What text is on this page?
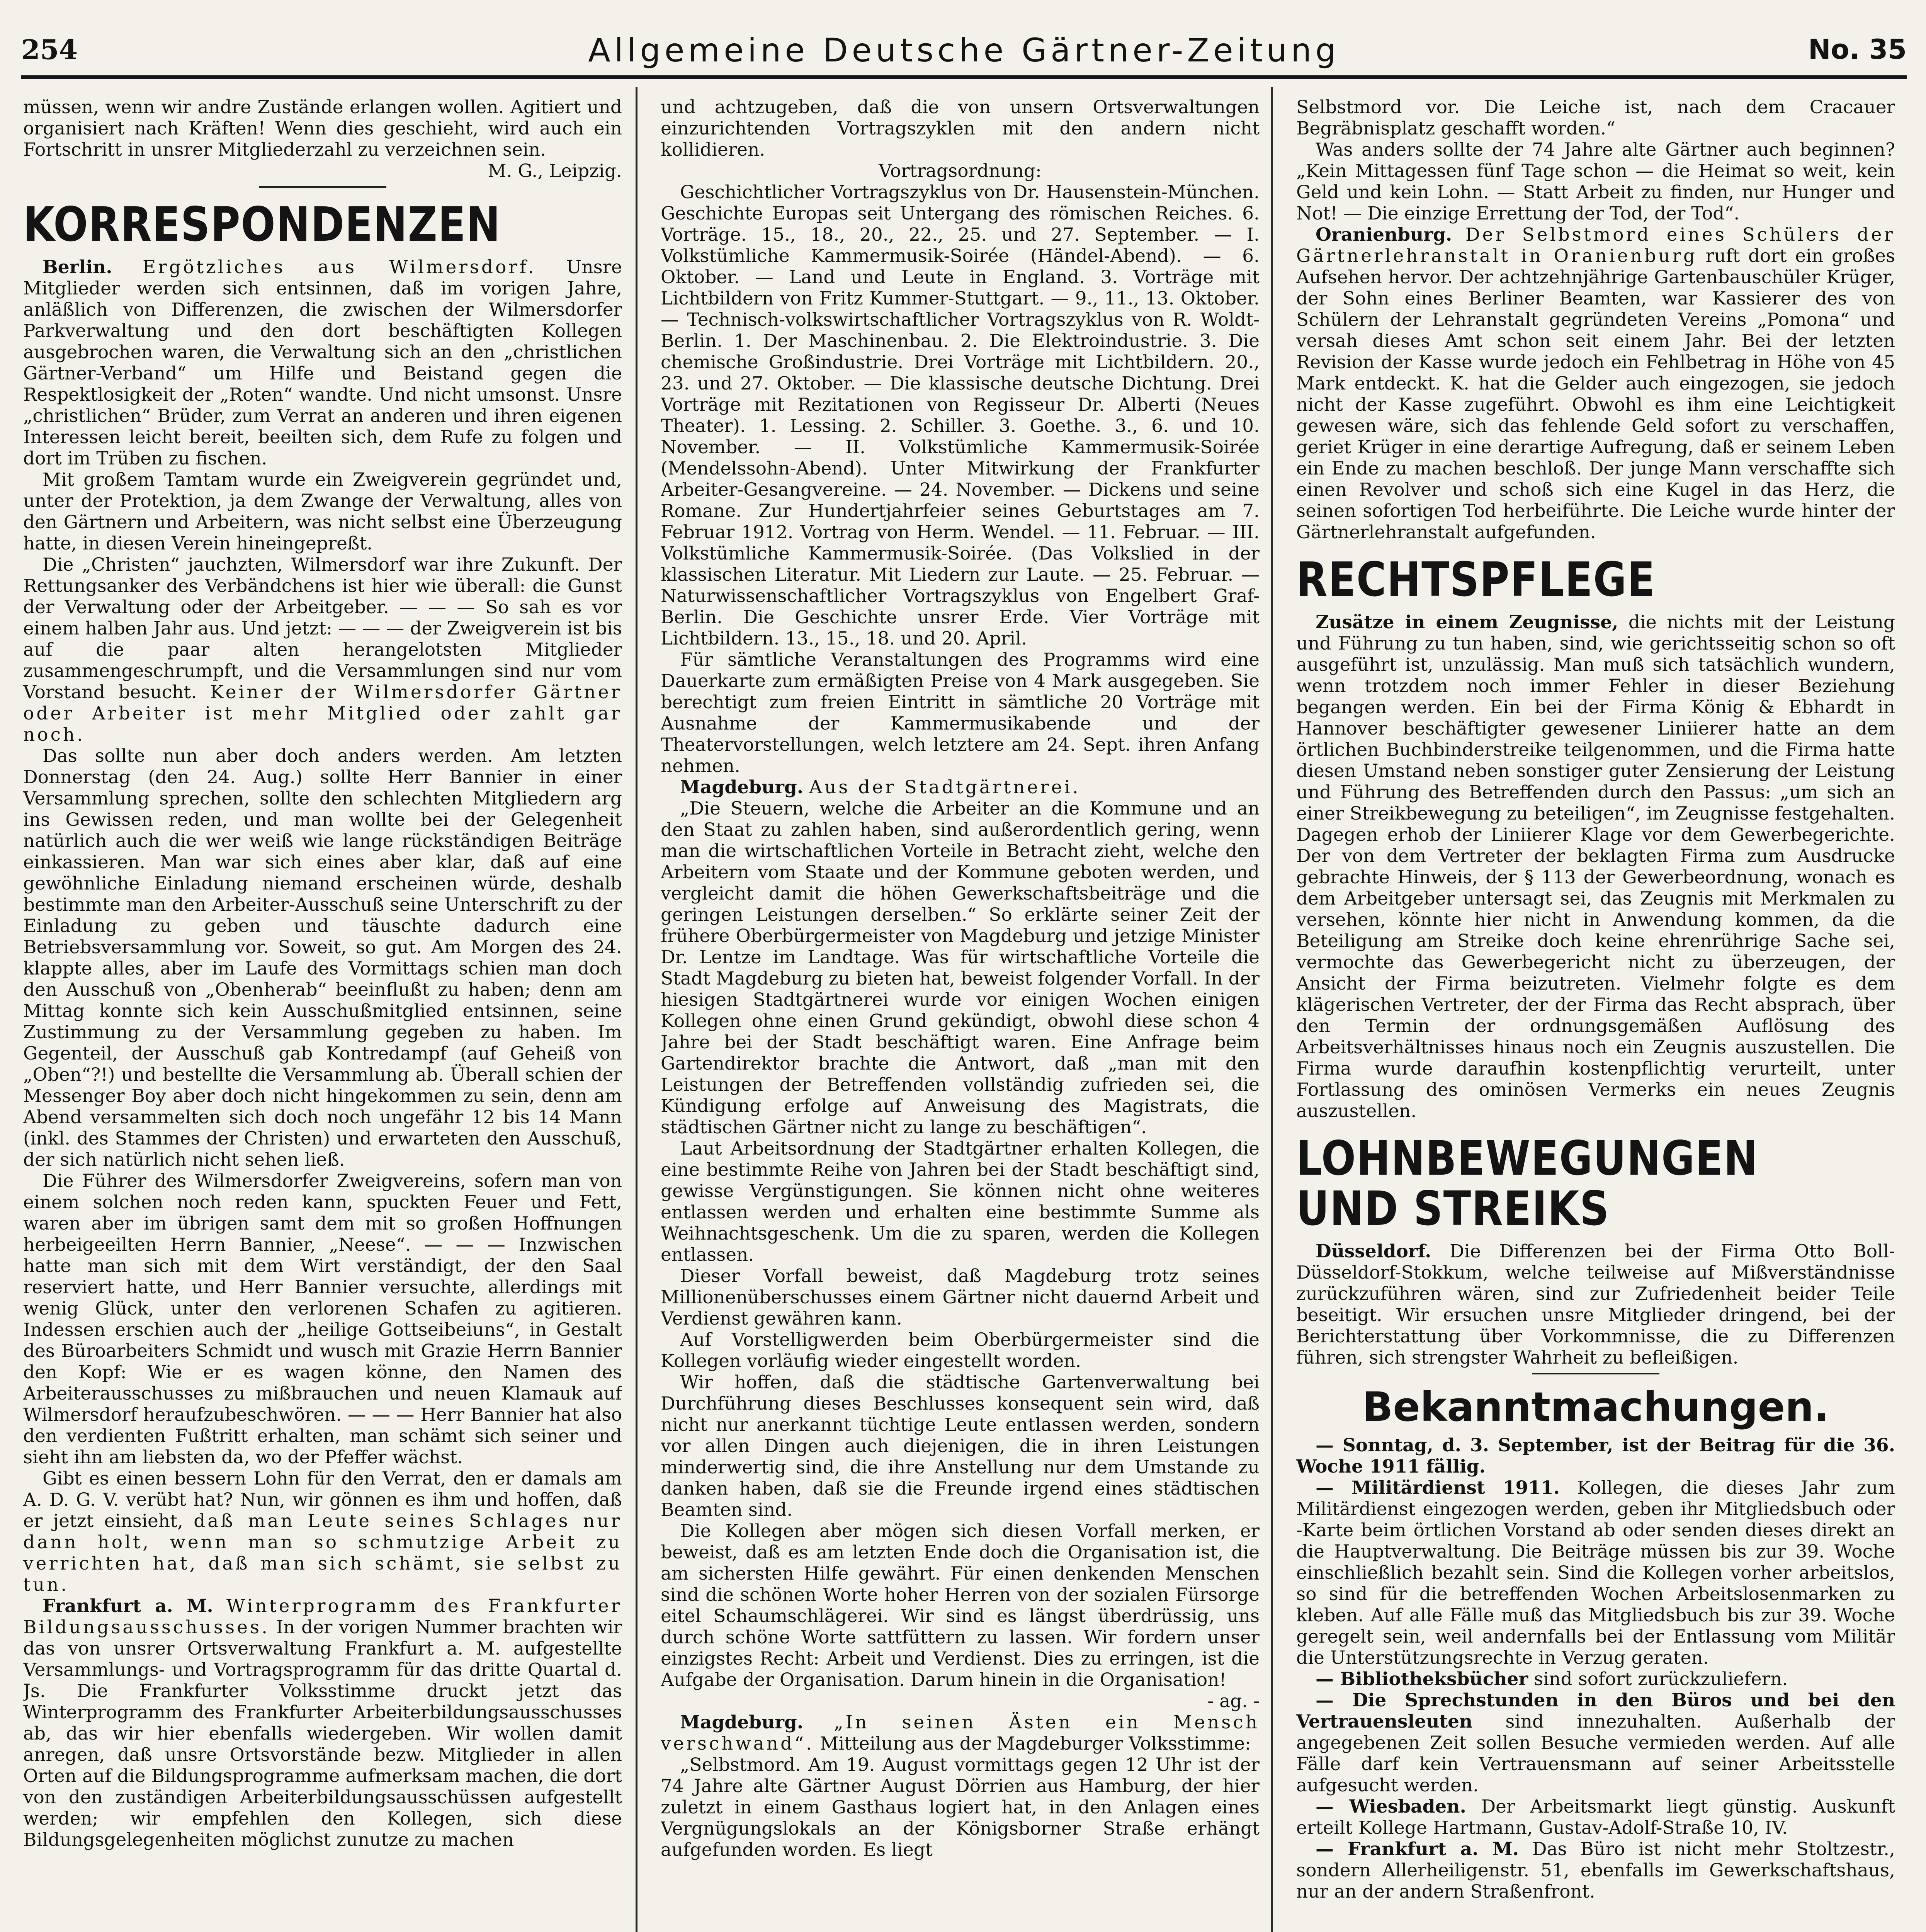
254	Allgemeine Deutsche Gärtner-Zeitung	No. 35

müssen, wenn wir andre Zustände erlangen wollen. Agitiert und organisiert nach Kräften! Wenn dies geschieht, wird auch ein Fortschritt in unsrer Mitgliederzahl zu verzeichnen sein.

M. G., Leipzig.

KORRESPONDENZEN

Berlin. Ergötzliches aus Wilmersdorf. Unsre Mitglieder werden sich entsinnen, daß im vorigen Jahre, anläßlich von Differenzen, die zwischen der Wilmersdorfer Parkverwaltung und den dort beschäftigten Kollegen ausgebrochen waren, die Verwaltung sich an den „christlichen Gärtner-Verband“ um Hilfe und Beistand gegen die Respektlosigkeit der „Roten“ wandte. Und nicht umsonst. Unsre „christlichen“ Brüder, zum Verrat an anderen und ihren eigenen Interessen leicht bereit, beeilten sich, dem Rufe zu folgen und dort im Trüben zu fischen.

Mit großem Tamtam wurde ein Zweigverein gegründet und, unter der Protektion, ja dem Zwange der Verwaltung, alles von den Gärtnern und Arbeitern, was nicht selbst eine Überzeugung hatte, in diesen Verein hineingepreßt.

Die „Christen“ jauchzten, Wilmersdorf war ihre Zukunft. Der Rettungsanker des Verbändchens ist hier wie überall: die Gunst der Verwaltung oder der Arbeitgeber. — — — So sah es vor einem halben Jahr aus. Und jetzt: — — — der Zweigverein ist bis auf die paar alten herangelotsten Mitglieder zusammengeschrumpft, und die Versammlungen sind nur vom Vorstand besucht. Keiner der Wilmersdorfer Gärtner oder Arbeiter ist mehr Mitglied oder zahlt gar noch.

Das sollte nun aber doch anders werden. Am letzten Donnerstag (den 24. Aug.) sollte Herr Bannier in einer Versammlung sprechen, sollte den schlechten Mitgliedern arg ins Gewissen reden, und man wollte bei der Gelegenheit natürlich auch die wer weiß wie lange rückständigen Beiträge einkassieren. Man war sich eines aber klar, daß auf eine gewöhnliche Einladung niemand erscheinen würde, deshalb bestimmte man den Arbeiter-Ausschuß seine Unterschrift zu der Einladung zu geben und täuschte dadurch eine Betriebsversammlung vor. Soweit, so gut. Am Morgen des 24. klappte alles, aber im Laufe des Vormittags schien man doch den Ausschuß von „Obenherab“ beeinflußt zu haben; denn am Mittag konnte sich kein Ausschußmitglied entsinnen, seine Zustimmung zu der Versammlung gegeben zu haben. Im Gegenteil, der Ausschuß gab Kontredampf (auf Geheiß von „Oben“?!) und bestellte die Versammlung ab. Überall schien der Messenger Boy aber doch nicht hingekommen zu sein, denn am Abend versammelten sich doch noch ungefähr 12 bis 14 Mann (inkl. des Stammes der Christen) und erwarteten den Ausschuß, der sich natürlich nicht sehen ließ.

Die Führer des Wilmersdorfer Zweigvereins, sofern man von einem solchen noch reden kann, spuckten Feuer und Fett, waren aber im übrigen samt dem mit so großen Hoffnungen herbeigeeilten Herrn Bannier, „Neese“. — — — Inzwischen hatte man sich mit dem Wirt verständigt, der den Saal reserviert hatte, und Herr Bannier versuchte, allerdings mit wenig Glück, unter den verlorenen Schafen zu agitieren. Indessen erschien auch der „heilige Gottseibeiuns“, in Gestalt des Büroarbeiters Schmidt und wusch mit Grazie Herrn Bannier den Kopf: Wie er es wagen könne, den Namen des Arbeiterausschusses zu mißbrauchen und neuen Klamauk auf Wilmersdorf heraufzubeschwören. — — — Herr Bannier hat also den verdienten Fußtritt erhalten, man schämt sich seiner und sieht ihn am liebsten da, wo der Pfeffer wächst.

Gibt es einen bessern Lohn für den Verrat, den er damals am A. D. G. V. verübt hat? Nun, wir gönnen es ihm und hoffen, daß er jetzt einsieht, daß man Leute seines Schlages nur dann holt, wenn man so schmutzige Arbeit zu verrichten hat, daß man sich schämt, sie selbst zu tun.

Frankfurt a. M. Winterprogramm des Frankfurter Bildungsausschusses. In der vorigen Nummer brachten wir das von unsrer Ortsverwaltung Frankfurt a. M. aufgestellte Versammlungs- und Vortragsprogramm für das dritte Quartal d. Js. Die Frankfurter Volksstimme druckt jetzt das Winterprogramm des Frankfurter Arbeiterbildungsausschusses ab, das wir hier ebenfalls wiedergeben. Wir wollen damit anregen, daß unsre Ortsvorstände bezw. Mitglieder in allen Orten auf die Bildungsprogramme aufmerksam machen, die dort von den zuständigen Arbeiterbildungsausschüssen aufgestellt werden; wir empfehlen den Kollegen, sich diese Bildungsgelegenheiten möglichst zunutze zu machen

und achtzugeben, daß die von unsern Ortsverwaltungen einzurichtenden Vortragszyklen mit den andern nicht kollidieren.

Vortragsordnung:

Geschichtlicher Vortragszyklus von Dr. Hausenstein-München. Geschichte Europas seit Untergang des römischen Reiches. 6. Vorträge. 15., 18., 20., 22., 25. und 27. September. — I. Volkstümliche Kammermusik-Soirée (Händel-Abend). — 6. Oktober. — Land und Leute in England. 3. Vorträge mit Lichtbildern von Fritz Kummer-Stuttgart. — 9., 11., 13. Oktober. — Technisch-volkswirtschaftlicher Vortragszyklus von R. Woldt-Berlin. 1. Der Maschinenbau. 2. Die Elektroindustrie. 3. Die chemische Großindustrie. Drei Vorträge mit Lichtbildern. 20., 23. und 27. Oktober. — Die klassische deutsche Dichtung. Drei Vorträge mit Rezitationen von Regisseur Dr. Alberti (Neues Theater). 1. Lessing. 2. Schiller. 3. Goethe. 3., 6. und 10. November. — II. Volkstümliche Kammermusik-Soirée (Mendelssohn-Abend). Unter Mitwirkung der Frankfurter Arbeiter-Gesangvereine. — 24. November. — Dickens und seine Romane. Zur Hundertjahrfeier seines Geburtstages am 7. Februar 1912. Vortrag von Herm. Wendel. — 11. Februar. — III. Volkstümliche Kammermusik-Soirée. (Das Volkslied in der klassischen Literatur. Mit Liedern zur Laute. — 25. Februar. — Naturwissenschaftlicher Vortragszyklus von Engelbert Graf-Berlin. Die Geschichte unsrer Erde. Vier Vorträge mit Lichtbildern. 13., 15., 18. und 20. April.

Für sämtliche Veranstaltungen des Programms wird eine Dauerkarte zum ermäßigten Preise von 4 Mark ausgegeben. Sie berechtigt zum freien Eintritt in sämtliche 20 Vorträge mit Ausnahme der Kammermusikabende und der Theatervorstellungen, welch letztere am 24. Sept. ihren Anfang nehmen.

Magdeburg. Aus der Stadtgärtnerei.

„Die Steuern, welche die Arbeiter an die Kommune und an den Staat zu zahlen haben, sind außerordentlich gering, wenn man die wirtschaftlichen Vorteile in Betracht zieht, welche den Arbeitern vom Staate und der Kommune geboten werden, und vergleicht damit die höhen Gewerkschaftsbeiträge und die geringen Leistungen derselben.“ So erklärte seiner Zeit der frühere Oberbürgermeister von Magdeburg und jetzige Minister Dr. Lentze im Landtage. Was für wirtschaftliche Vorteile die Stadt Magdeburg zu bieten hat, beweist folgender Vorfall. In der hiesigen Stadtgärtnerei wurde vor einigen Wochen einigen Kollegen ohne einen Grund gekündigt, obwohl diese schon 4 Jahre bei der Stadt beschäftigt waren. Eine Anfrage beim Gartendirektor brachte die Antwort, daß „man mit den Leistungen der Betreffenden vollständig zufrieden sei, die Kündigung erfolge auf Anweisung des Magistrats, die städtischen Gärtner nicht zu lange zu beschäftigen“.

Laut Arbeitsordnung der Stadtgärtner erhalten Kollegen, die eine bestimmte Reihe von Jahren bei der Stadt beschäftigt sind, gewisse Vergünstigungen. Sie können nicht ohne weiteres entlassen werden und erhalten eine bestimmte Summe als Weihnachtsgeschenk. Um die zu sparen, werden die Kollegen entlassen.

Dieser Vorfall beweist, daß Magdeburg trotz seines Millionenüberschusses einem Gärtner nicht dauernd Arbeit und Verdienst gewähren kann.

Auf Vorstelligwerden beim Oberbürgermeister sind die Kollegen vorläufig wieder eingestellt worden.

Wir hoffen, daß die städtische Gartenverwaltung bei Durchführung dieses Beschlusses konsequent sein wird, daß nicht nur anerkannt tüchtige Leute entlassen werden, sondern vor allen Dingen auch diejenigen, die in ihren Leistungen minderwertig sind, die ihre Anstellung nur dem Umstande zu danken haben, daß sie die Freunde irgend eines städtischen Beamten sind.

Die Kollegen aber mögen sich diesen Vorfall merken, er beweist, daß es am letzten Ende doch die Organisation ist, die am sichersten Hilfe gewährt. Für einen denkenden Menschen sind die schönen Worte hoher Herren von der sozialen Fürsorge eitel Schaumschlägerei. Wir sind es längst überdrüssig, uns durch schöne Worte sattfüttern zu lassen. Wir fordern unser einzigstes Recht: Arbeit und Verdienst. Dies zu erringen, ist die Aufgabe der Organisation. Darum hinein in die Organisation!

- ag. -

Magdeburg. „In seinen Ästen ein Mensch verschwand“. Mitteilung aus der Magdeburger Volksstimme:

„Selbstmord. Am 19. August vormittags gegen 12 Uhr ist der 74 Jahre alte Gärtner August Dörrien aus Hamburg, der hier zuletzt in einem Gasthaus logiert hat, in den Anlagen eines Vergnügungslokals an der Königsborner Straße erhängt aufgefunden worden. Es liegt

Selbstmord vor. Die Leiche ist, nach dem Cracauer Begräbnisplatz geschafft worden.“

Was anders sollte der 74 Jahre alte Gärtner auch beginnen? „Kein Mittagessen fünf Tage schon — die Heimat so weit, kein Geld und kein Lohn. — Statt Arbeit zu finden, nur Hunger und Not! — Die einzige Errettung der Tod, der Tod“.

Oranienburg. Der Selbstmord eines Schülers der Gärtnerlehranstalt in Oranienburg ruft dort ein großes Aufsehen hervor. Der achtzehnjährige Gartenbauschüler Krüger, der Sohn eines Berliner Beamten, war Kassierer des von Schülern der Lehranstalt gegründeten Vereins „Pomona“ und versah dieses Amt schon seit einem Jahr. Bei der letzten Revision der Kasse wurde jedoch ein Fehlbetrag in Höhe von 45 Mark entdeckt. K. hat die Gelder auch eingezogen, sie jedoch nicht der Kasse zugeführt. Obwohl es ihm eine Leichtigkeit gewesen wäre, sich das fehlende Geld sofort zu verschaffen, geriet Krüger in eine derartige Aufregung, daß er seinem Leben ein Ende zu machen beschloß. Der junge Mann verschaffte sich einen Revolver und schoß sich eine Kugel in das Herz, die seinen sofortigen Tod herbeiführte. Die Leiche wurde hinter der Gärtnerlehranstalt aufgefunden.

RECHTSPFLEGE

Zusätze in einem Zeugnisse, die nichts mit der Leistung und Führung zu tun haben, sind, wie gerichtsseitig schon so oft ausgeführt ist, unzulässig. Man muß sich tatsächlich wundern, wenn trotzdem noch immer Fehler in dieser Beziehung begangen werden. Ein bei der Firma König & Ebhardt in Hannover beschäftigter gewesener Liniierer hatte an dem örtlichen Buchbinderstreike teilgenommen, und die Firma hatte diesen Umstand neben sonstiger guter Zensierung der Leistung und Führung des Betreffenden durch den Passus: „um sich an einer Streikbewegung zu beteiligen“, im Zeugnisse festgehalten. Dagegen erhob der Liniierer Klage vor dem Gewerbegerichte. Der von dem Vertreter der beklagten Firma zum Ausdrucke gebrachte Hinweis, der § 113 der Gewerbeordnung, wonach es dem Arbeitgeber untersagt sei, das Zeugnis mit Merkmalen zu versehen, könnte hier nicht in Anwendung kommen, da die Beteiligung am Streike doch keine ehrenrührige Sache sei, vermochte das Gewerbegericht nicht zu überzeugen, der Ansicht der Firma beizutreten. Vielmehr folgte es dem klägerischen Vertreter, der der Firma das Recht absprach, über den Termin der ordnungsgemäßen Auflösung des Arbeitsverhältnisses hinaus noch ein Zeugnis auszustellen. Die Firma wurde daraufhin kostenpflichtig verurteilt, unter Fortlassung des ominösen Vermerks ein neues Zeugnis auszustellen.

LOHNBEWEGUNGEN
UND STREIKS

Düsseldorf. Die Differenzen bei der Firma Otto Boll-Düsseldorf-Stokkum, welche teilweise auf Mißverständnisse zurückzuführen wären, sind zur Zufriedenheit beider Teile beseitigt. Wir ersuchen unsre Mitglieder dringend, bei der Berichterstattung über Vorkommnisse, die zu Differenzen führen, sich strengster Wahrheit zu befleißigen.

Bekanntmachungen.

— Sonntag, d. 3. September, ist der Beitrag für die 36. Woche 1911 fällig.

— Militärdienst 1911. Kollegen, die dieses Jahr zum Militärdienst eingezogen werden, geben ihr Mitgliedsbuch oder -Karte beim örtlichen Vorstand ab oder senden dieses direkt an die Hauptverwaltung. Die Beiträge müssen bis zur 39. Woche einschließlich bezahlt sein. Sind die Kollegen vorher arbeitslos, so sind für die betreffenden Wochen Arbeitslosenmarken zu kleben. Auf alle Fälle muß das Mitgliedsbuch bis zur 39. Woche geregelt sein, weil andernfalls bei der Entlassung vom Militär die Unterstützungsrechte in Verzug geraten.

— Bibliotheksbücher sind sofort zurückzuliefern.

— Die Sprechstunden in den Büros und bei den Vertrauensleuten sind innezuhalten. Außerhalb der angegebenen Zeit sollen Besuche vermieden werden. Auf alle Fälle darf kein Vertrauensmann auf seiner Arbeitsstelle aufgesucht werden.

— Wiesbaden. Der Arbeitsmarkt liegt günstig. Auskunft erteilt Kollege Hartmann, Gustav-Adolf-Straße 10, IV.

— Frankfurt a. M. Das Büro ist nicht mehr Stoltzestr., sondern Allerheiligenstr. 51, ebenfalls im Gewerkschaftshaus, nur an der andern Straßenfront.
